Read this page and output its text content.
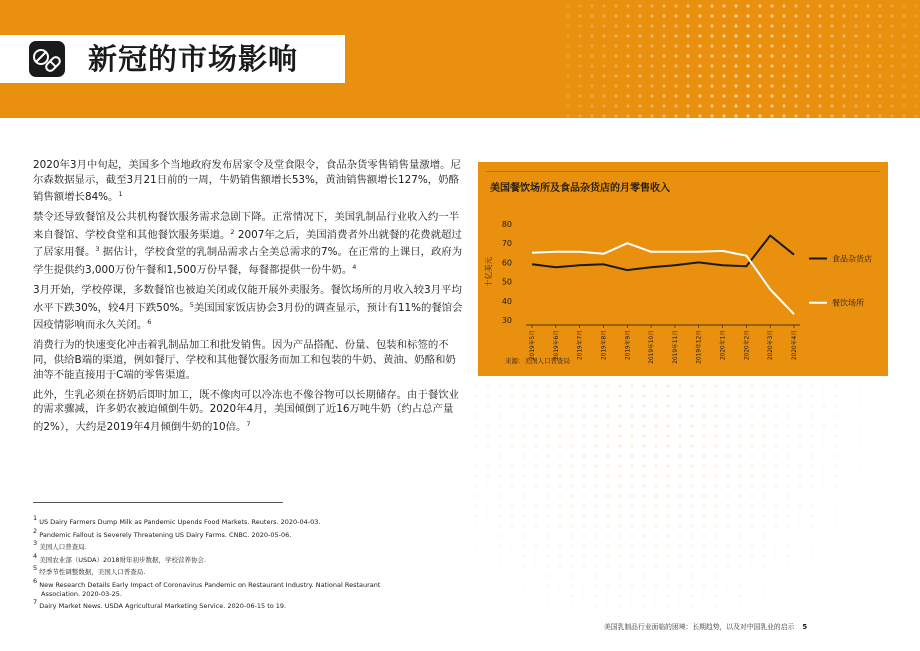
新冠的市场影响

2020年3月中旬起，美国多个当地政府发布居家令及堂食限令，食品杂货零售销售量激增。尼尔森数据显示，截至3月21日前的一周，牛奶销售额增长53%，黄油销售额增长127%，奶酪销售额增长84%。$^1$

禁令还导致餐馆及公共机构餐饮服务需求急剧下降。正常情况下，美国乳制品行业收入约一半来自餐馆、学校食堂和其他餐饮服务渠道。$^2$ 2007年之后，美国消费者外出就餐的花费就超过了居家用餐。$^3$ 据估计，学校食堂的乳制品需求占全美总需求的7%。在正常的上课日，政府为学生提供约3,000万份午餐和1,500万份早餐，每餐都提供一份牛奶。$^4$

3月开始，学校停课，多数餐馆也被迫关闭或仅能开展外卖服务。餐饮场所的月收入较3月平均水平下跌30%，较4月下跌50%。$^5$美国国家饭店协会3月份的调查显示，预计有11%的餐馆会因疫情影响而永久关闭。$^6$

消费行为的快速变化冲击着乳制品加工和批发销售。因为产品搭配、份量、包装和标签的不同，供给B端的渠道，例如餐厅、学校和其他餐饮服务而加工和包装的牛奶、黄油、奶酪和奶油等不能直接用于C端的零售渠道。

此外，生乳必须在挤奶后即时加工，既不像肉可以冷冻也不像谷物可以长期储存。由于餐饮业的需求骤减，许多奶农被迫倾倒牛奶。2020年4月，美国倾倒了近16万吨牛奶（约占总产量的2%），大约是2019年4月倾倒牛奶的10倍。$^7$

美国餐饮场所及食品杂货店的月零售收入
30
40
50
60
70
80
十亿美元
2019年5月	2019年6月	2019年7月	2019年8月	2019年9月	2019年10月	2019年11月	2019年12月	2020年1月	2020年2月	2020年3月	2020年4月
食品杂货店
餐饮场所
来源：美国人口普查局

$^1$ US Dairy Farmers Dump Milk as Pandemic Upends Food Markets. Reuters. 2020-04-03.

$^2$ Pandemic Fallout is Severely Threatening US Dairy Farms. CNBC. 2020-05-06.

$^3$ 美国人口普查局.

$^4$ 美国农业部（USDA）2018财年初步数据，学校营养协会.

$^5$ 经季节性调整数据，美国人口普查局.

$^6$ New Research Details Early Impact of Coronavirus Pandemic on Restaurant Industry. National Restaurant Association. 2020-03-25.

$^7$ Dairy Market News. USDA Agricultural Marketing Service. 2020-06-15 to 19.

美国乳制品行业面临的困境：长期趋势，以及对中国乳业的启示 5
